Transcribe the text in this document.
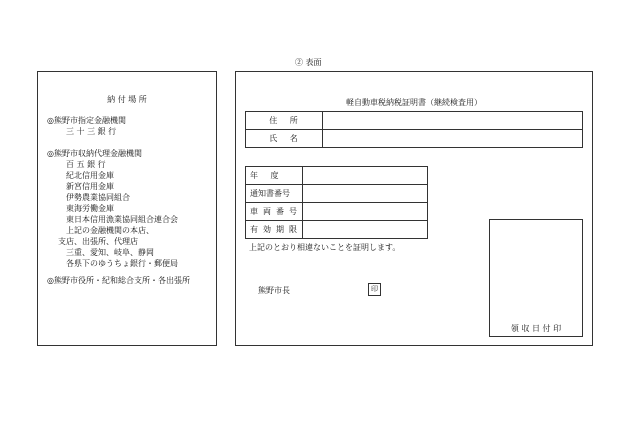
② 表面
納 付 場 所
◎熊野市指定金融機関
三 十 三 銀 行
◎熊野市収納代理金融機関
百 五 銀 行
紀北信用金庫
新宮信用金庫
伊勢農業協同組合
東海労働金庫
東日本信用漁業協同組合連合会
上記の金融機関の本店、
支店、出張所、代理店
三重、愛知、岐阜、静岡
各県下のゆうちょ銀行・郵便局
◎熊野市役所・紀和総合支所・各出張所
軽自動車税納税証明書（継続検査用）
住 所	
氏 名	
年 度	
通知書番号	
車両番号	
有効期限	
上記のとおり相違ないことを証明します。
熊野市長	印
領 収 日 付 印
